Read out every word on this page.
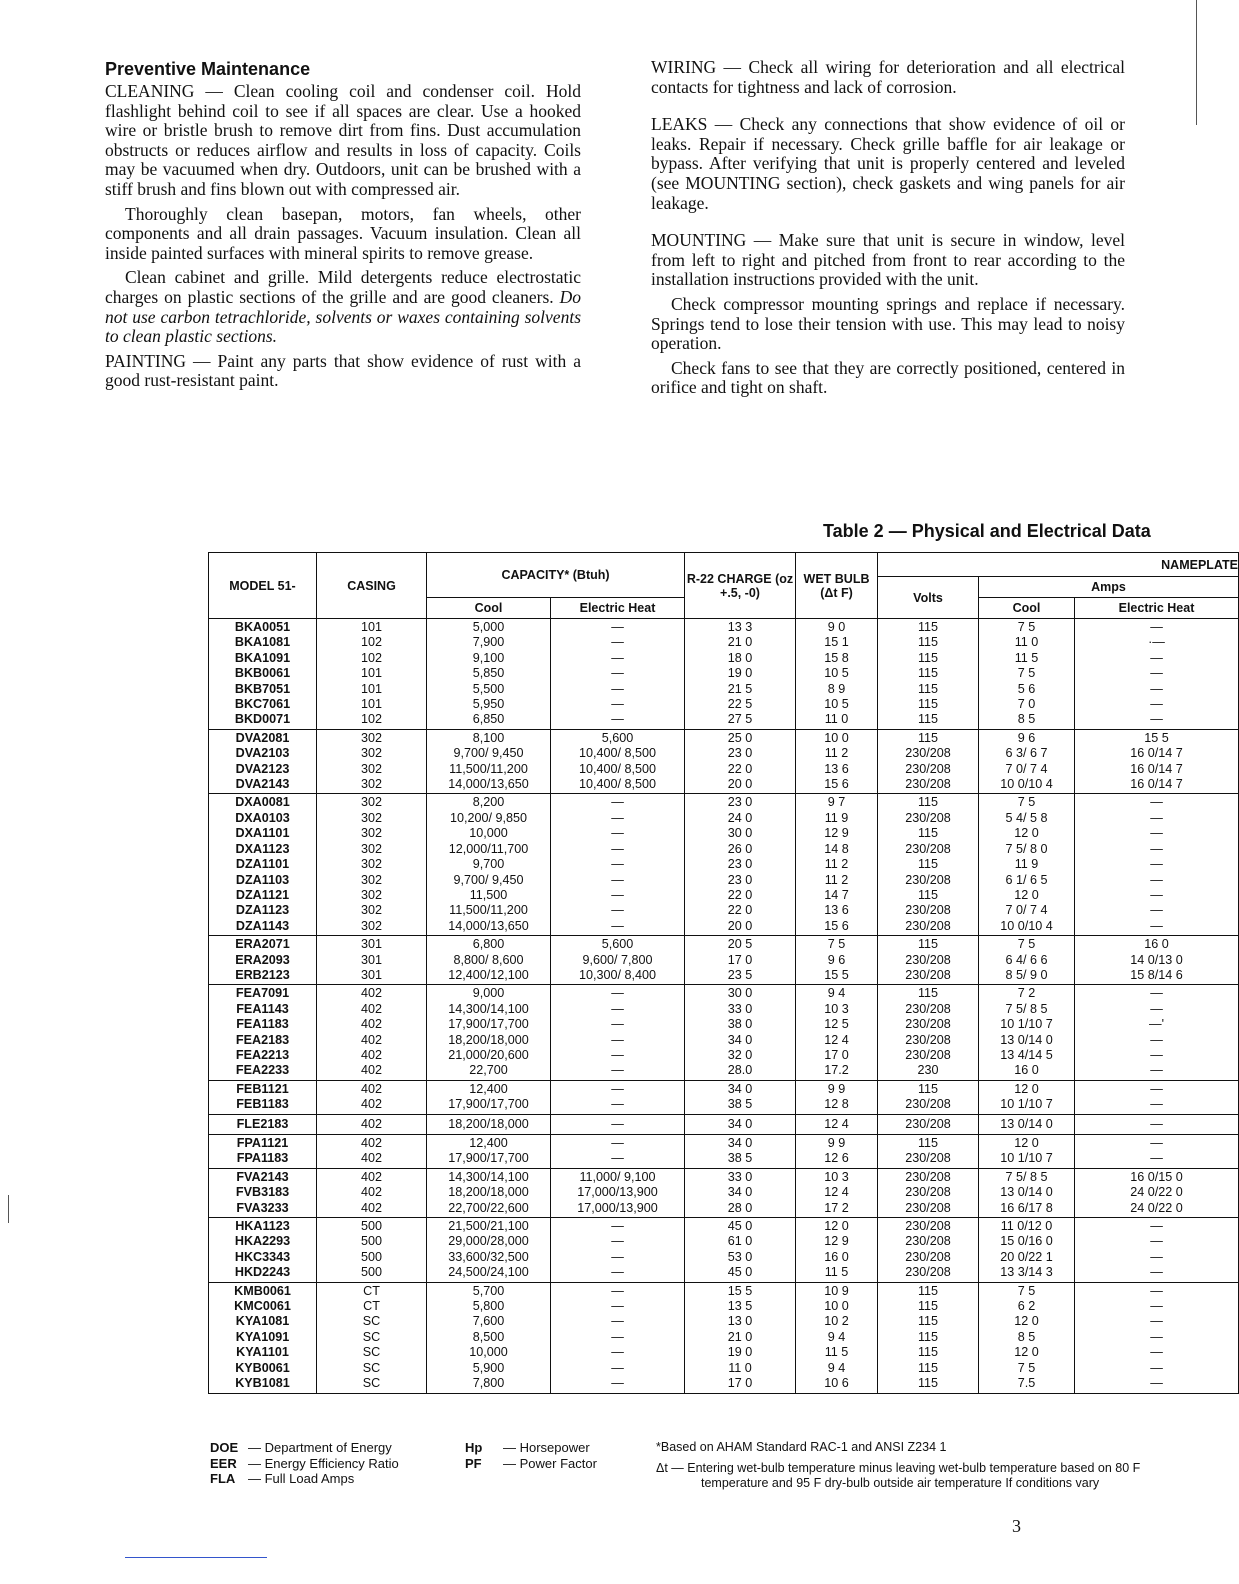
Preventive Maintenance

CLEANING — Clean cooling coil and condenser coil. Hold flashlight behind coil to see if all spaces are clear. Use a hooked wire or bristle brush to remove dirt from fins. Dust accumulation obstructs or reduces airflow and results in loss of capacity. Coils may be vacuumed when dry. Outdoors, unit can be brushed with a stiff brush and fins blown out with compressed air.

Thoroughly clean basepan, motors, fan wheels, other components and all drain passages. Vacuum insulation. Clean all inside painted surfaces with mineral spirits to remove grease.

Clean cabinet and grille. Mild detergents reduce electrostatic charges on plastic sections of the grille and are good cleaners. Do not use carbon tetrachloride, solvents or waxes containing solvents to clean plastic sections.

PAINTING — Paint any parts that show evidence of rust with a good rust-resistant paint.

WIRING — Check all wiring for deterioration and all electrical contacts for tightness and lack of corrosion.

LEAKS — Check any connections that show evidence of oil or leaks. Repair if necessary. Check grille baffle for air leakage or bypass. After verifying that unit is properly centered and leveled (see MOUNTING section), check gaskets and wing panels for air leakage.

MOUNTING — Make sure that unit is secure in window, level from left to right and pitched from front to rear according to the installation instructions provided with the unit.

Check compressor mounting springs and replace if necessary. Springs tend to lose their tension with use. This may lead to noisy operation.

Check fans to see that they are correctly positioned, centered in orifice and tight on shaft.

Table 2 — Physical and Electrical Data
MODEL 51-	CASING	CAPACITY* (Btuh)		R-22 CHARGE (oz +.5, -0)	WET BULB (Δt F)	NAMEPLATE		
						Volts	Amps	
		Cool	Electric Heat				Cool	Electric Heat
BKA0051	101	5,000	—	13 3	9 0	115	7 5	—
BKA1081	102	7,900	—	21 0	15 1	115	11 0	·—
BKA1091	102	9,100	—	18 0	15 8	115	11 5	—
BKB0061	101	5,850	—	19 0	10 5	115	7 5	—
BKB7051	101	5,500	—	21 5	8 9	115	5 6	—
BKC7061	101	5,950	—	22 5	10 5	115	7 0	—
BKD0071	102	6,850	—	27 5	11 0	115	8 5	—
DVA2081	302	8,100	5,600	25 0	10 0	115	9 6	15 5
DVA2103	302	9,700/ 9,450	10,400/ 8,500	23 0	11 2	230/208	6 3/ 6 7	16 0/14 7
DVA2123	302	11,500/11,200	10,400/ 8,500	22 0	13 6	230/208	7 0/ 7 4	16 0/14 7
DVA2143	302	14,000/13,650	10,400/ 8,500	20 0	15 6	230/208	10 0/10 4	16 0/14 7
DXA0081	302	8,200	—	23 0	9 7	115	7 5	—
DXA0103	302	10,200/ 9,850	—	24 0	11 9	230/208	5 4/ 5 8	—
DXA1101	302	10,000	—	30 0	12 9	115	12 0	—
DXA1123	302	12,000/11,700	—	26 0	14 8	230/208	7 5/ 8 0	—
DZA1101	302	9,700	—	23 0	11 2	115	11 9	—
DZA1103	302	9,700/ 9,450	—	23 0	11 2	230/208	6 1/ 6 5	—
DZA1121	302	11,500	—	22 0	14 7	115	12 0	—
DZA1123	302	11,500/11,200	—	22 0	13 6	230/208	7 0/ 7 4	—
DZA1143	302	14,000/13,650	—	20 0	15 6	230/208	10 0/10 4	—
ERA2071	301	6,800	5,600	20 5	7 5	115	7 5	16 0
ERA2093	301	8,800/ 8,600	9,600/ 7,800	17 0	9 6	230/208	6 4/ 6 6	14 0/13 0
ERB2123	301	12,400/12,100	10,300/ 8,400	23 5	15 5	230/208	8 5/ 9 0	15 8/14 6
FEA7091	402	9,000	—	30 0	9 4	115	7 2	—
FEA1143	402	14,300/14,100	—	33 0	10 3	230/208	7 5/ 8 5	—
FEA1183	402	17,900/17,700	—	38 0	12 5	230/208	10 1/10 7	—'
FEA2183	402	18,200/18,000	—	34 0	12 4	230/208	13 0/14 0	—
FEA2213	402	21,000/20,600	—	32 0	17 0	230/208	13 4/14 5	—
FEA2233	402	22,700	—	28.0	17.2	230	16 0	—
FEB1121	402	12,400	—	34 0	9 9	115	12 0	—
FEB1183	402	17,900/17,700	—	38 5	12 8	230/208	10 1/10 7	—
FLE2183	402	18,200/18,000	—	34 0	12 4	230/208	13 0/14 0	—
FPA1121	402	12,400	—	34 0	9 9	115	12 0	—
FPA1183	402	17,900/17,700	—	38 5	12 6	230/208	10 1/10 7	—
FVA2143	402	14,300/14,100	11,000/ 9,100	33 0	10 3	230/208	7 5/ 8 5	16 0/15 0
FVB3183	402	18,200/18,000	17,000/13,900	34 0	12 4	230/208	13 0/14 0	24 0/22 0
FVA3233	402	22,700/22,600	17,000/13,900	28 0	17 2	230/208	16 6/17 8	24 0/22 0
HKA1123	500	21,500/21,100	—	45 0	12 0	230/208	11 0/12 0	—
HKA2293	500	29,000/28,000	—	61 0	12 9	230/208	15 0/16 0	—
HKC3343	500	33,600/32,500	—	53 0	16 0	230/208	20 0/22 1	—
HKD2243	500	24,500/24,100	—	45 0	11 5	230/208	13 3/14 3	—
KMB0061	CT	5,700	—	15 5	10 9	115	7 5	—
KMC0061	CT	5,800	—	13 5	10 0	115	6 2	—
KYA1081	SC	7,600	—	13 0	10 2	115	12 0	—
KYA1091	SC	8,500	—	21 0	9 4	115	8 5	—
KYA1101	SC	10,000	—	19 0	11 5	115	12 0	—
KYB0061	SC	5,900	—	11 0	9 4	115	7 5	—
KYB1081	SC	7,800	—	17 0	10 6	115	7.5	—
DOE — Department of Energy
EER — Energy Efficiency Ratio
FLA — Full Load Amps
Hp — Horsepower
PF — Power Factor
*Based on AHAM Standard RAC-1 and ANSI Z234 1
Δt — Entering wet-bulb temperature minus leaving wet-bulb temperature based on 80 F
temperature and 95 F dry-bulb outside air temperature If conditions vary
3
